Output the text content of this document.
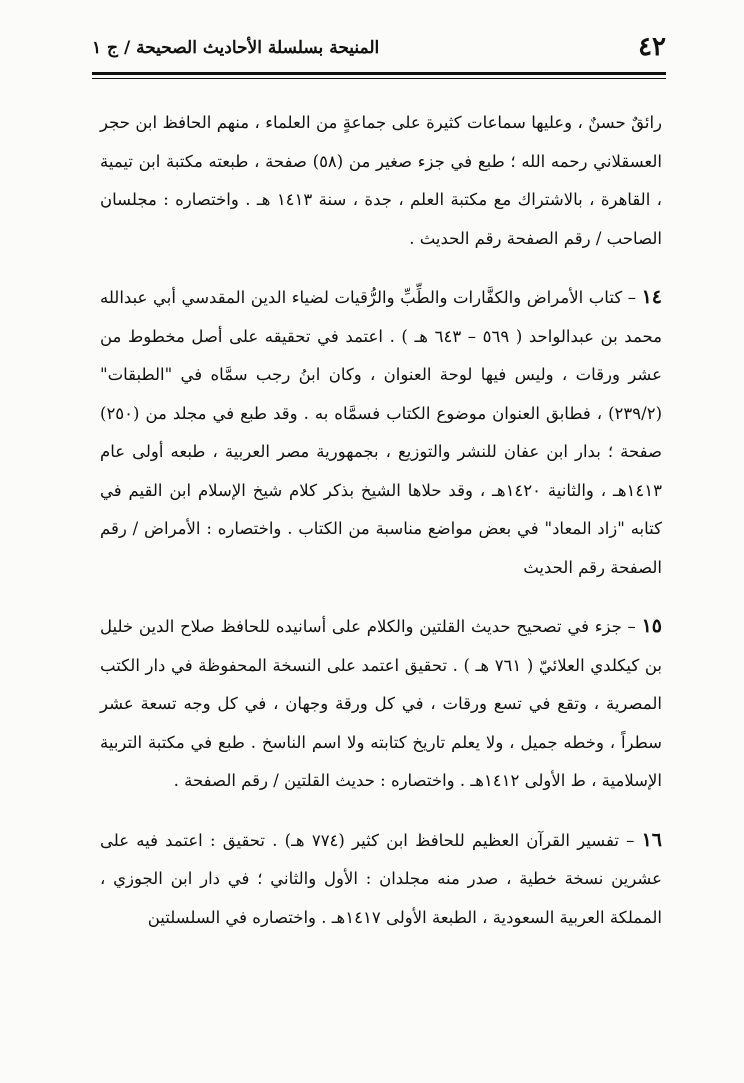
٤٢
المنيحة بسلسلة الأحاديث الصحيحة / ج ١

رائقٌ حسنٌ ، وعليها سماعات كثيرة على جماعةٍ من العلماء ، منهم الحافظ ابن حجر العسقلاني رحمه الله ؛ طبع في جزء صغير من (٥٨) صفحة ، طبعته مكتبة ابن تيمية ، القاهرة ، بالاشتراك مع مكتبة العلم ، جدة ، سنة ١٤١٣ هـ . واختصاره : مجلسان الصاحب / رقم الصفحة رقم الحديث .

١٤ – كتاب الأمراض والكفَّارات والطِّبِّ والرُّقيات لضياء الدين المقدسي أبي عبدالله محمد بن عبدالواحد ( ٥٦٩ – ٦٤٣ هـ ) . اعتمد في تحقيقه على أصل مخطوط من عشر ورقات ، وليس فيها لوحة العنوان ، وكان ابنُ رجب سمَّاه في "الطبقات" (٢٣٩/٢) ، فطابق العنوان موضوع الكتاب فسمَّاه به . وقد طبع في مجلد من (٢٥٠) صفحة ؛ بدار ابن عفان للنشر والتوزيع ، بجمهورية مصر العربية ، طبعه أولى عام ١٤١٣هـ ، والثانية ١٤٢٠هـ ، وقد حلاها الشيخ بذكر كلام شيخ الإسلام ابن القيم في كتابه "زاد المعاد" في بعض مواضع مناسبة من الكتاب . واختصاره : الأمراض / رقم الصفحة رقم الحديث

١٥ – جزء في تصحيح حديث القلتين والكلام على أسانيده للحافظ صلاح الدين خليل بن كيكلدي العلائيّ ( ٧٦١ هـ ) . تحقيق اعتمد على النسخة المحفوظة في دار الكتب المصرية ، وتقع في تسع ورقات ، في كل ورقة وجهان ، في كل وجه تسعة عشر سطراً ، وخطه جميل ، ولا يعلم تاريخ كتابته ولا اسم الناسخ . طبع في مكتبة التربية الإسلامية ، ط الأولى ١٤١٢هـ . واختصاره : حديث القلتين / رقم الصفحة .

١٦ – تفسير القرآن العظيم للحافظ ابن كثير (٧٧٤ هـ) . تحقيق : اعتمد فيه على عشرين نسخة خطية ، صدر منه مجلدان : الأول والثاني ؛ في دار ابن الجوزي ، المملكة العربية السعودية ، الطبعة الأولى ١٤١٧هـ . واختصاره في السلسلتين
